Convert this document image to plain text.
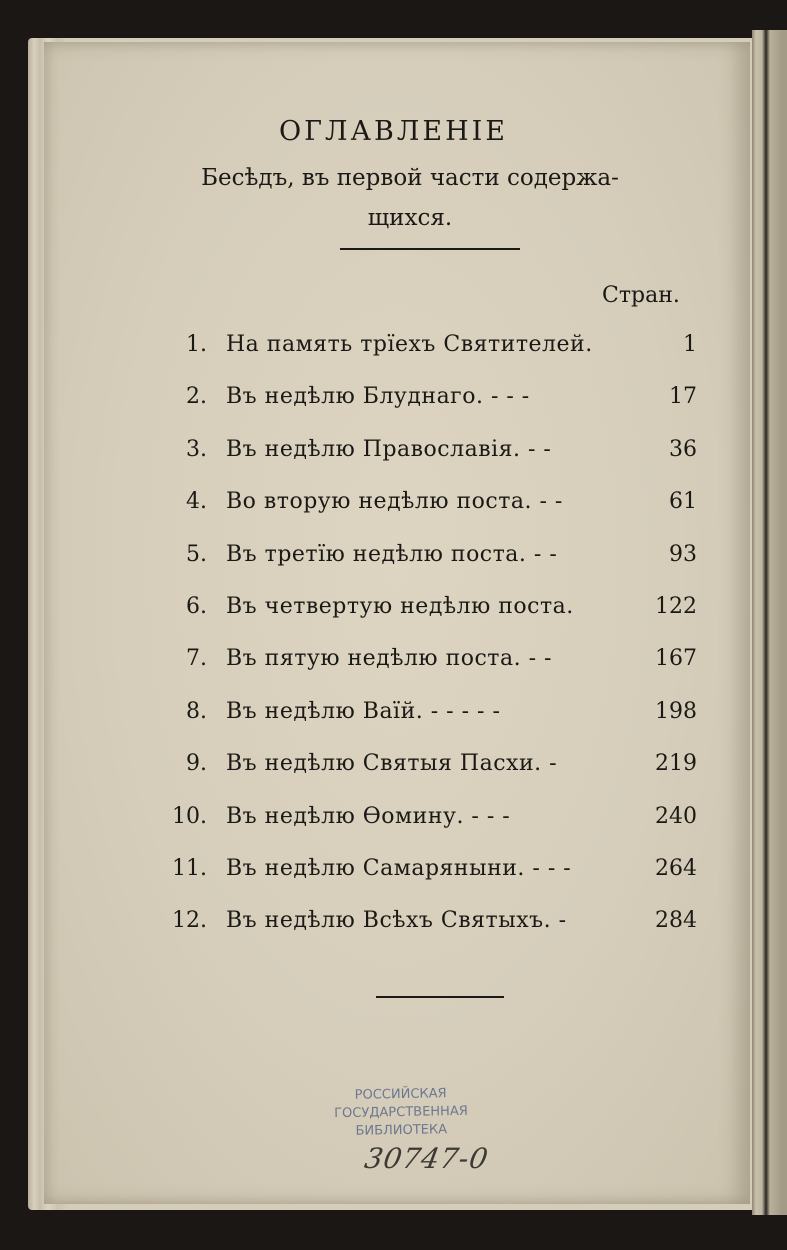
ОГЛАВЛЕНІЕ
Бесѣдъ, въ первой части содержа-
щихся.
Стран.
1. На память трїехъ Святителей.	1
2. Въ недѣлю Блуднаго. - - -	17
3. Въ недѣлю Православія. - -	36
4. Во вторую недѣлю поста. - -	61
5. Въ третїю недѣлю поста. - -	93
6. Въ четвертую недѣлю поста.	122
7. Въ пятую недѣлю поста. - -	167
8. Въ недѣлю Ваїй. - - - - -	198
9. Въ недѣлю Святыя Пасхи. -	219
10. Въ недѣлю Ѳомину. - - -	240
11. Въ недѣлю Самаряныни. - - -	264
12. Въ недѣлю Всѣхъ Святыхъ. -	284
РОССИЙСКАЯ
ГОСУДАРСТВЕННАЯ
БИБЛИОТЕКА
30747-0
